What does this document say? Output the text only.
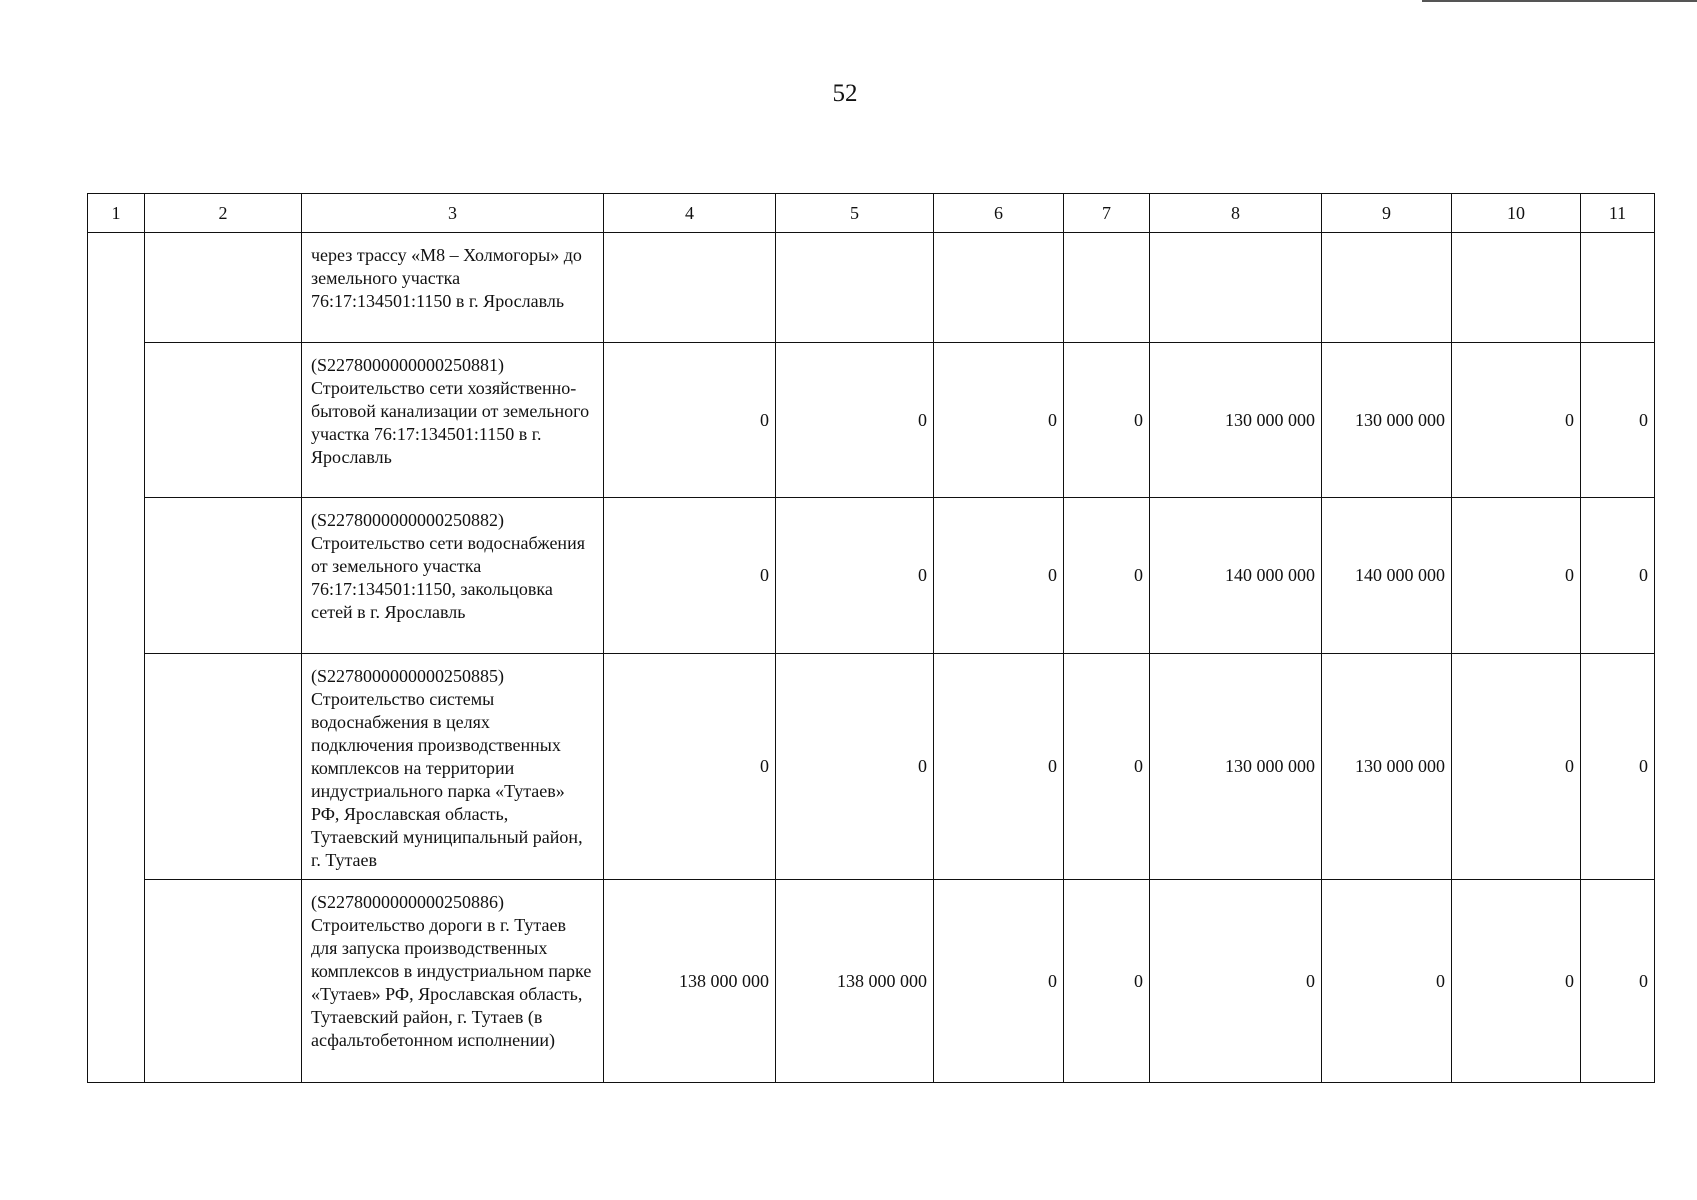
52
1	2	3	4	5	6	7	8	9	10	11
		через трассу «М8 – Холмогоры» до земельного участка 76:17:134501:1150 в г. Ярославль								
		(S2278000000000250881) Строительство сети хозяйственно-бытовой канализации от земельного участка 76:17:134501:1150 в г. Ярославль	0	0	0	0	130 000 000	130 000 000	0	0
		(S2278000000000250882) Строительство сети водоснабжения от земельного участка 76:17:134501:1150, закольцовка сетей в г. Ярославль	0	0	0	0	140 000 000	140 000 000	0	0
		(S2278000000000250885) Строительство системы водоснабжения в целях подключения производственных комплексов на территории индустриального парка «Тутаев» РФ, Ярославская область, Тутаевский муниципальный район, г. Тутаев	0	0	0	0	130 000 000	130 000 000	0	0
		(S2278000000000250886) Строительство дороги в г. Тутаев для запуска производственных комплексов в индустриальном парке «Тутаев» РФ, Ярославская область, Тутаевский район, г. Тутаев (в асфальтобетонном исполнении)	138 000 000	138 000 000	0	0	0	0	0	0
